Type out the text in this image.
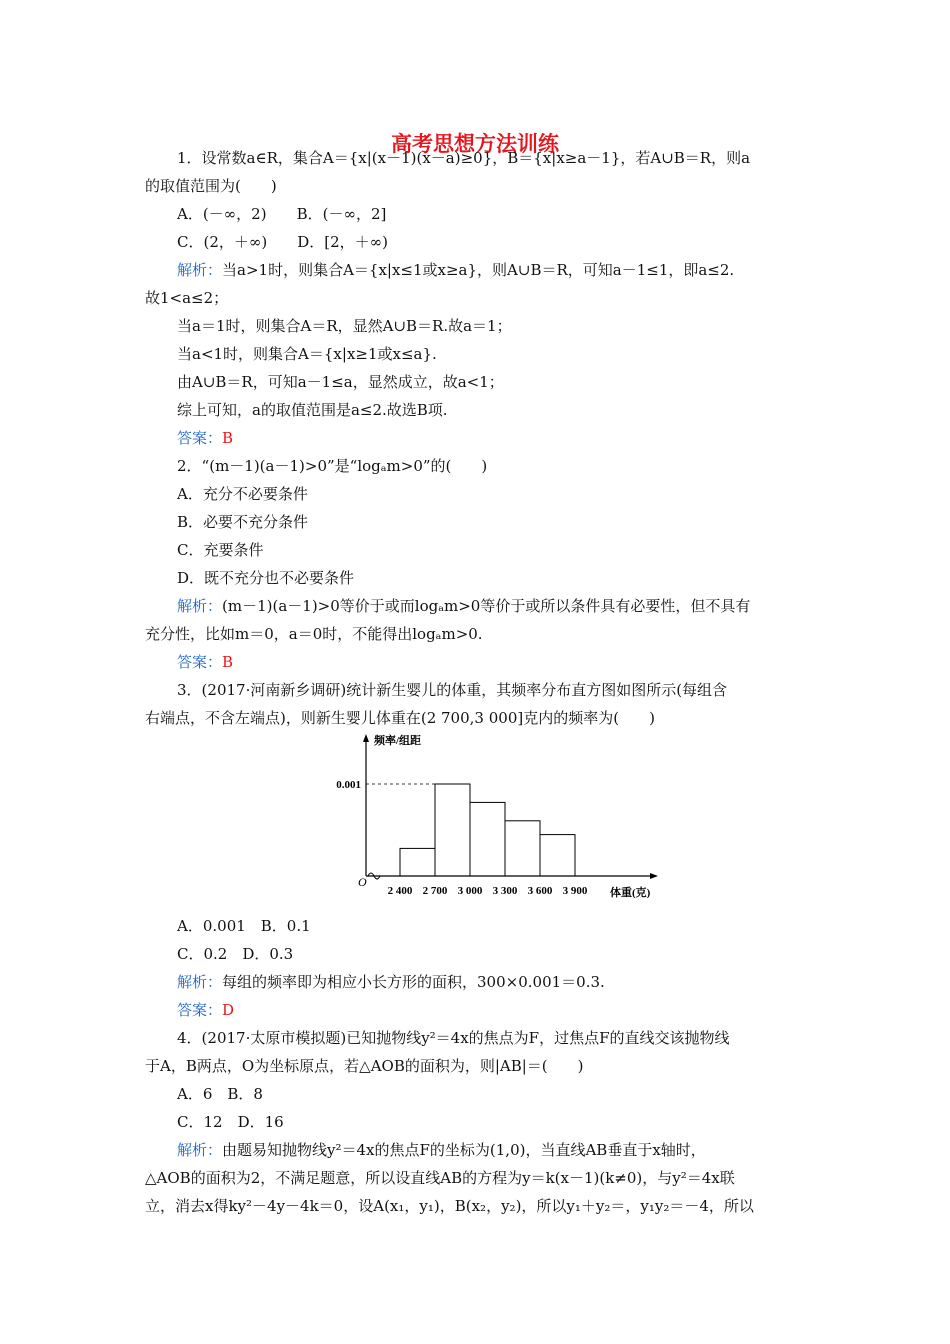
高考思想方法训练
1．设常数a∈R，集合A＝{x|(x－1)(x－a)≥0}，B＝{x|x≥a－1}，若A∪B＝R，则a
的取值范围为(　　)
A．(－∞，2)　　B．(－∞，2]
C．(2，＋∞)　　D．[2，＋∞)
解析：当a>1时，则集合A＝{x|x≤1或x≥a}，则A∪B＝R，可知a－1≤1，即a≤2.
故1<a≤2；
当a＝1时，则集合A＝R，显然A∪B＝R.故a＝1；
当a<1时，则集合A＝{x|x≥1或x≤a}.
由A∪B＝R，可知a－1≤a，显然成立，故a<1；
综上可知，a的取值范围是a≤2.故选B项.
答案：B
2．“(m－1)(a－1)>0”是“logₐm>0”的(　　)
A．充分不必要条件
B．必要不充分条件
C．充要条件
D．既不充分也不必要条件
解析：(m－1)(a－1)>0等价于或而logₐm>0等价于或所以条件具有必要性，但不具有
充分性，比如m＝0，a＝0时，不能得出logₐm>0.
答案：B
3．(2017·河南新乡调研)统计新生婴儿的体重，其频率分布直方图如图所示(每组含
右端点，不含左端点)，则新生婴儿体重在(2 700,3 000]克内的频率为(　　)
A．0.001　B．0.1
C．0.2　D．0.3
解析：每组的频率即为相应小长方形的面积，300×0.001＝0.3.
答案：D
4．(2017·太原市模拟题)已知抛物线y²＝4x的焦点为F，过焦点F的直线交该抛物线
于A，B两点，O为坐标原点，若△AOB的面积为，则|AB|＝(　　)
A．6　B．8
C．12　D．16
解析：由题易知抛物线y²＝4x的焦点F的坐标为(1,0)，当直线AB垂直于x轴时，
△AOB的面积为2，不满足题意，所以设直线AB的方程为y＝k(x－1)(k≠0)，与y²＝4x联
立，消去x得ky²－4y－4k＝0，设A(x₁，y₁)，B(x₂，y₂)，所以y₁＋y₂＝，y₁y₂＝－4，所以
0.001
频率/组距
O
2 400 2 700 3 000 3 300 3 600 3 900 体重(克)
